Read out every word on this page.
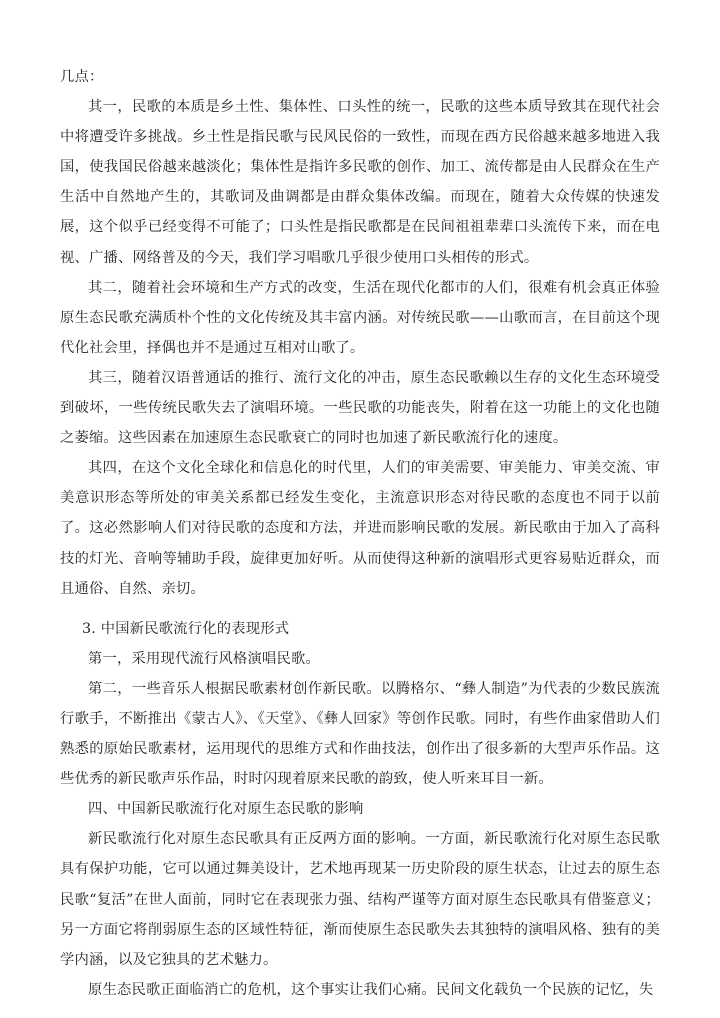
几点：

其一，民歌的本质是乡土性、集体性、口头性的统一，民歌的这些本质导致其在现代社会中将遭受许多挑战。乡土性是指民歌与民风民俗的一致性，而现在西方民俗越来越多地进入我国，使我国民俗越来越淡化；集体性是指许多民歌的创作、加工、流传都是由人民群众在生产生活中自然地产生的，其歌词及曲调都是由群众集体改编。而现在，随着大众传媒的快速发展，这个似乎已经变得不可能了；口头性是指民歌都是在民间祖祖辈辈口头流传下来，而在电视、广播、网络普及的今天，我们学习唱歌几乎很少使用口头相传的形式。

其二，随着社会环境和生产方式的改变，生活在现代化都市的人们，很难有机会真正体验原生态民歌充满质朴个性的文化传统及其丰富内涵。对传统民歌——山歌而言，在目前这个现代化社会里，择偶也并不是通过互相对山歌了。

其三，随着汉语普通话的推行、流行文化的冲击，原生态民歌赖以生存的文化生态环境受到破坏，一些传统民歌失去了演唱环境。一些民歌的功能丧失，附着在这一功能上的文化也随之萎缩。这些因素在加速原生态民歌衰亡的同时也加速了新民歌流行化的速度。

其四，在这个文化全球化和信息化的时代里，人们的审美需要、审美能力、审美交流、审美意识形态等所处的审美关系都已经发生变化，主流意识形态对待民歌的态度也不同于以前了。这必然影响人们对待民歌的态度和方法，并进而影响民歌的发展。新民歌由于加入了高科技的灯光、音响等辅助手段，旋律更加好听。从而使得这种新的演唱形式更容易贴近群众，而且通俗、自然、亲切。

3. 中国新民歌流行化的表现形式

第一，采用现代流行风格演唱民歌。

第二，一些音乐人根据民歌素材创作新民歌。以腾格尔、“彝人制造”为代表的少数民族流行歌手，不断推出《蒙古人》、《天堂》、《彝人回家》等创作民歌。同时，有些作曲家借助人们熟悉的原始民歌素材，运用现代的思维方式和作曲技法，创作出了很多新的大型声乐作品。这些优秀的新民歌声乐作品，时时闪现着原来民歌的韵致，使人听来耳目一新。

四、中国新民歌流行化对原生态民歌的影响

新民歌流行化对原生态民歌具有正反两方面的影响。一方面，新民歌流行化对原生态民歌具有保护功能，它可以通过舞美设计，艺术地再现某一历史阶段的原生状态，让过去的原生态民歌“复活”在世人面前，同时它在表现张力强、结构严谨等方面对原生态民歌具有借鉴意义；另一方面它将削弱原生态的区域性特征，渐而使原生态民歌失去其独特的演唱风格、独有的美学内涵，以及它独具的艺术魅力。

原生态民歌正面临消亡的危机，这个事实让我们心痛。民间文化载负一个民族的记忆，失
